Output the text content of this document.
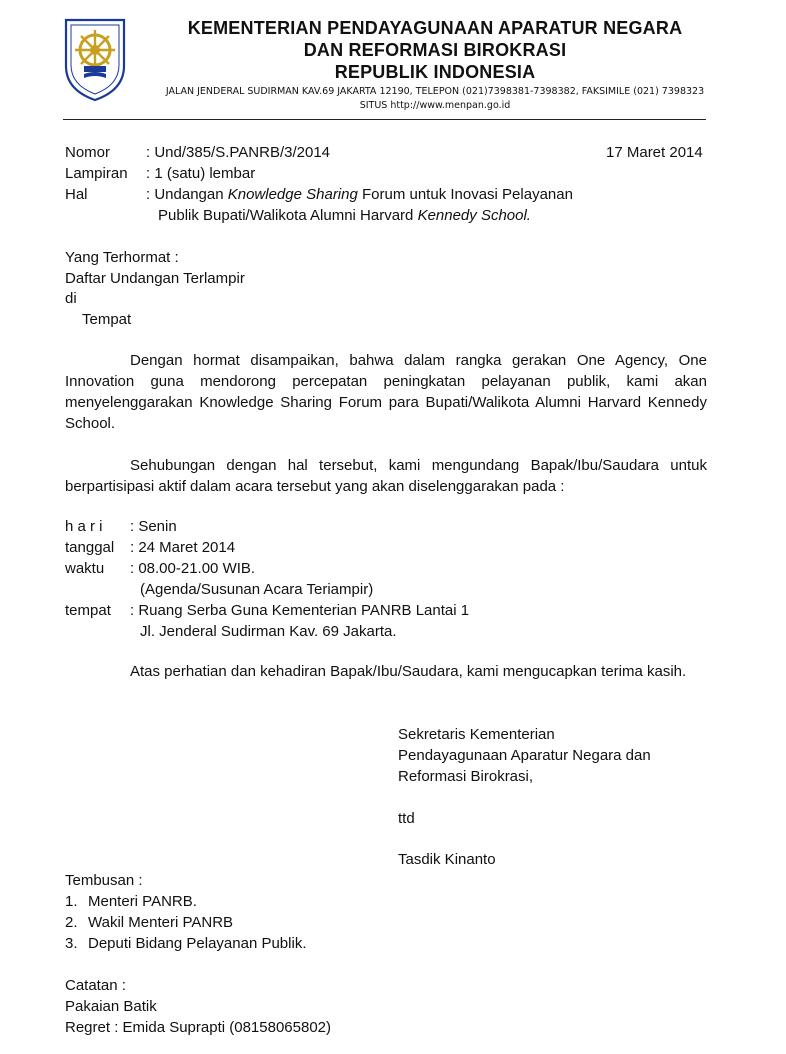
KEMENTERIAN PENDAYAGUNAAN APARATUR NEGARA
DAN REFORMASI BIROKRASI
REPUBLIK INDONESIA
JALAN JENDERAL SUDIRMAN KAV.69 JAKARTA 12190, TELEPON (021)7398381-7398382, FAKSIMILE (021) 7398323
SITUS http://www.menpan.go.id
Nomor : Und/385/S.PANRB/3/2014	17 Maret 2014
Lampiran : 1 (satu) lembar
Hal	: Undangan Knowledge Sharing Forum untuk Inovasi Pelayanan
Publik Bupati/Walikota Alumni Harvard Kennedy School.
Yang Terhormat :
Daftar Undangan Terlampir
di
Tempat
Dengan hormat disampaikan, bahwa dalam rangka gerakan One Agency, One Innovation guna mendorong percepatan peningkatan pelayanan publik, kami akan menyelenggarakan Knowledge Sharing Forum para Bupati/Walikota Alumni Harvard Kennedy School.
Sehubungan dengan hal tersebut, kami mengundang Bapak/Ibu/Saudara untuk berpartisipasi aktif dalam acara tersebut yang akan diselenggarakan pada :
h a r i : Senin
tanggal : 24 Maret 2014
waktu : 08.00-21.00 WIB.
(Agenda/Susunan Acara Teriampir)
tempat : Ruang Serba Guna Kementerian PANRB Lantai 1
Jl. Jenderal Sudirman Kav. 69 Jakarta.
Atas perhatian dan kehadiran Bapak/Ibu/Saudara, kami mengucapkan terima kasih.
Sekretaris Kementerian
Pendayagunaan Aparatur Negara dan
Reformasi Birokrasi,
ttd
Tasdik Kinanto
Tembusan :
1. Menteri PANRB.
2. Wakil Menteri PANRB
3. Deputi Bidang Pelayanan Publik.
Catatan :
Pakaian Batik
Regret : Emida Suprapti (08158065802)
